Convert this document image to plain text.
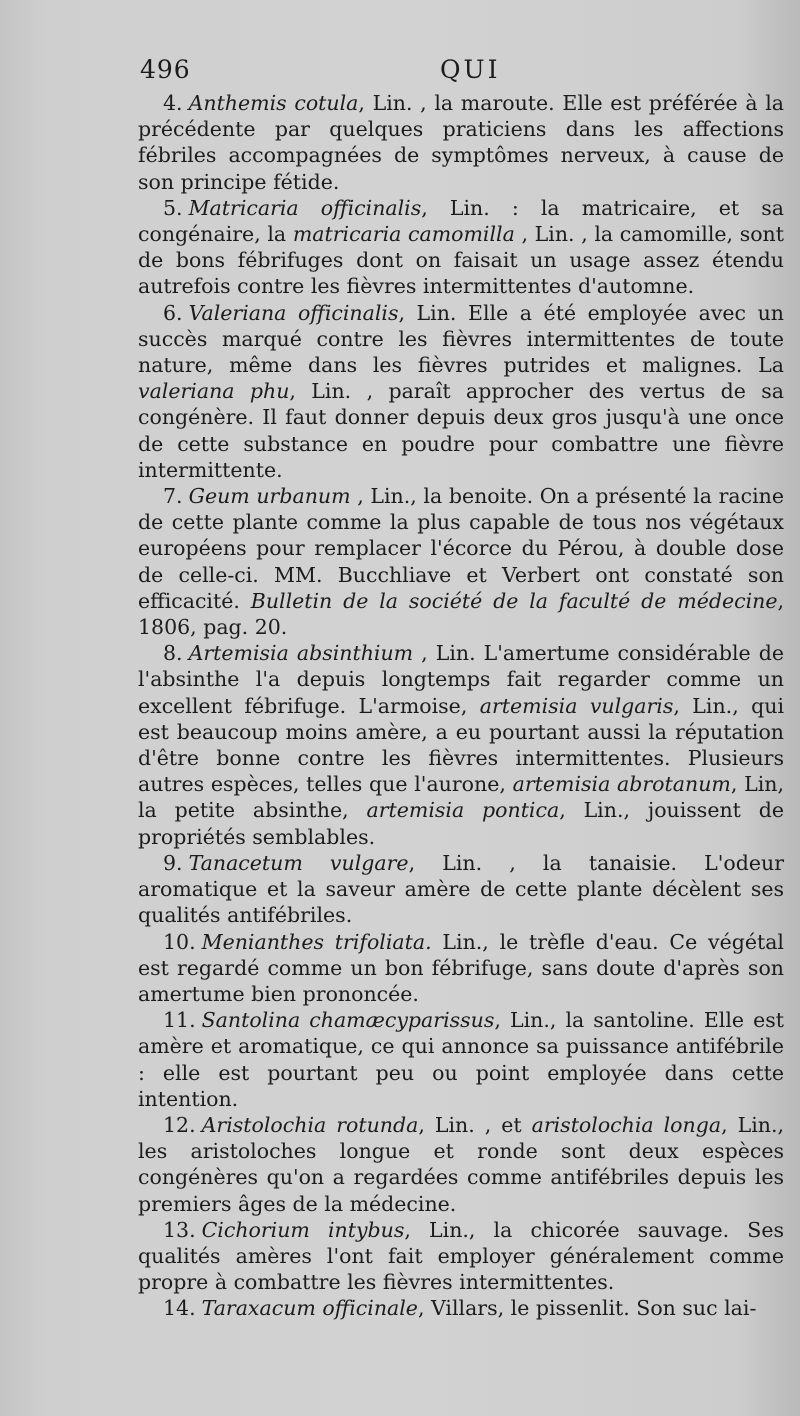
496	QUI

4. Anthemis cotula, Lin. , la maroute. Elle est préférée à la précédente par quelques praticiens dans les affections fébriles accompagnées de symptômes nerveux, à cause de son principe fétide.

5. Matricaria officinalis, Lin. : la matricaire, et sa congénaire, la matricaria camomilla , Lin. , la camomille, sont de bons fébrifuges dont on faisait un usage assez étendu autrefois contre les fièvres intermittentes d'automne.

6. Valeriana officinalis, Lin. Elle a été employée avec un succès marqué contre les fièvres intermittentes de toute nature, même dans les fièvres putrides et malignes. La valeriana phu, Lin. , paraît approcher des vertus de sa congénère. Il faut donner depuis deux gros jusqu'à une once de cette substance en poudre pour combattre une fièvre intermittente.

7. Geum urbanum , Lin., la benoite. On a présenté la racine de cette plante comme la plus capable de tous nos végétaux européens pour remplacer l'écorce du Pérou, à double dose de celle-ci. MM. Bucchliave et Verbert ont constaté son efficacité. Bulletin de la société de la faculté de médecine, 1806, pag. 20.

8. Artemisia absinthium , Lin. L'amertume considérable de l'absinthe l'a depuis longtemps fait regarder comme un excellent fébrifuge. L'armoise, artemisia vulgaris, Lin., qui est beaucoup moins amère, a eu pourtant aussi la réputation d'être bonne contre les fièvres intermittentes. Plusieurs autres espèces, telles que l'aurone, artemisia abrotanum, Lin, la petite absinthe, artemisia pontica, Lin., jouissent de propriétés semblables.

9. Tanacetum vulgare, Lin. , la tanaisie. L'odeur aromatique et la saveur amère de cette plante décèlent ses qualités antifébriles.

10. Menianthes trifoliata. Lin., le trèfle d'eau. Ce végétal est regardé comme un bon fébrifuge, sans doute d'après son amertume bien prononcée.

11. Santolina chamæcyparissus, Lin., la santoline. Elle est amère et aromatique, ce qui annonce sa puissance antifébrile : elle est pourtant peu ou point employée dans cette intention.

12. Aristolochia rotunda, Lin. , et aristolochia longa, Lin., les aristoloches longue et ronde sont deux espèces congénères qu'on a regardées comme antifébriles depuis les premiers âges de la médecine.

13. Cichorium intybus, Lin., la chicorée sauvage. Ses qualités amères l'ont fait employer généralement comme propre à combattre les fièvres intermittentes.

14. Taraxacum officinale, Villars, le pissenlit. Son suc lai-
